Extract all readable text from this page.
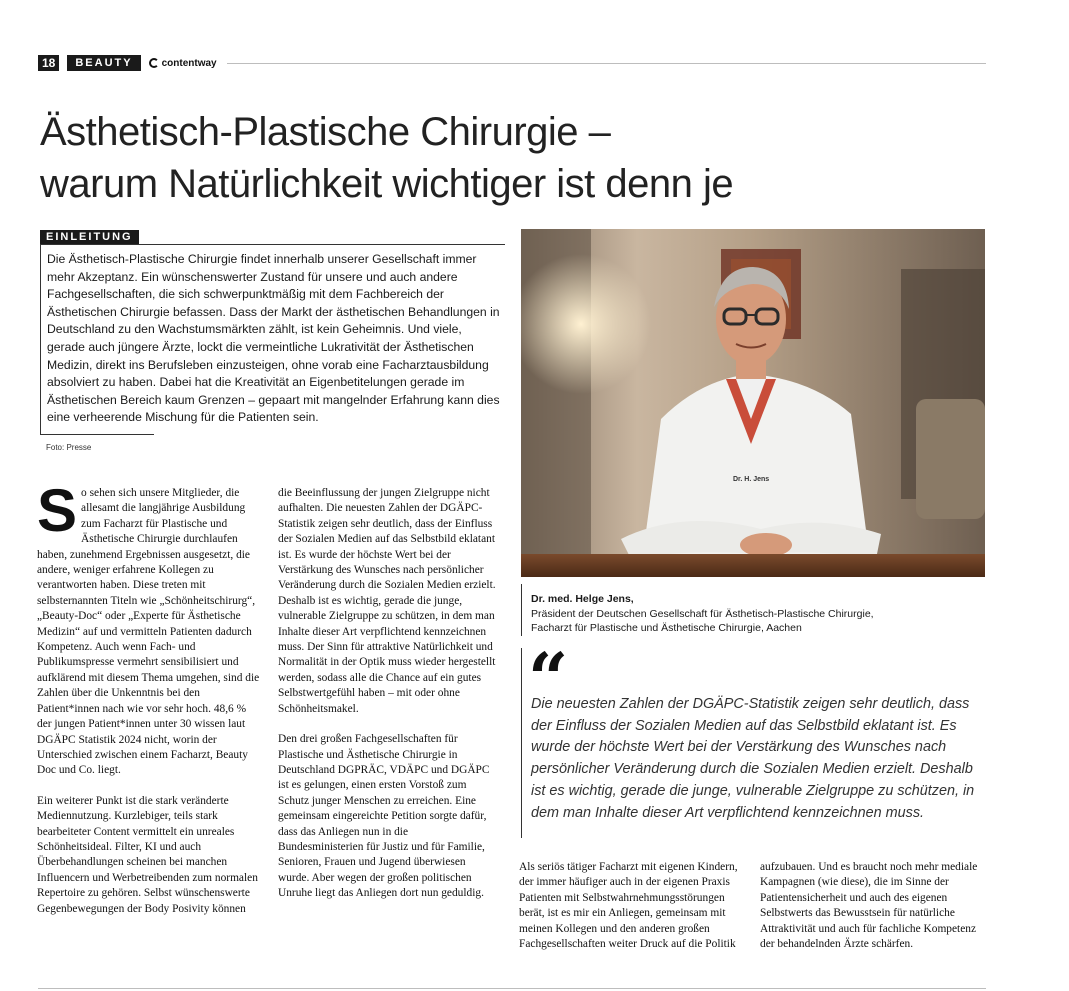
18	BEAUTY	contentway
Ästhetisch-Plastische Chirurgie –
warum Natürlichkeit wichtiger ist denn je
EINLEITUNG
Die Ästhetisch-Plastische Chirurgie findet innerhalb unserer Gesellschaft immer mehr Akzeptanz. Ein wünschenswerter Zustand für unsere und auch andere Fachgesellschaften, die sich schwerpunktmäßig mit dem Fachbereich der Ästhetischen Chirurgie befassen. Dass der Markt der ästhetischen Behandlungen in Deutschland zu den Wachstumsmärkten zählt, ist kein Geheimnis. Und viele, gerade auch jüngere Ärzte, lockt die vermeintliche Lukrativität der Ästhetischen Medizin, direkt ins Berufsleben einzusteigen, ohne vorab eine Facharztausbildung absolviert zu haben. Dabei hat die Kreativität an Eigenbetitelungen gerade im Ästhetischen Bereich kaum Grenzen – gepaart mit mangelnder Erfahrung kann dies eine verheerende Mischung für die Patienten sein.
Foto: Presse
Dr. H. Jens
Dr. med. Helge Jens,
Präsident der Deutschen Gesellschaft für Ästhetisch-Plastische Chirurgie,
Facharzt für Plastische und Ästhetische Chirurgie, Aachen
“
Die neuesten Zahlen der DGÄPC-Statistik zeigen sehr deutlich, dass der Einfluss der Sozialen Medien auf das Selbstbild eklatant ist. Es wurde der höchste Wert bei der Verstärkung des Wunsches nach persönlicher Veränderung durch die Sozialen Medien erzielt. Deshalb ist es wichtig, gerade die junge, vulnerable Zielgruppe zu schützen, in dem man Inhalte dieser Art verpflichtend kennzeichnen muss.

So sehen sich unsere Mitglieder, die allesamt die langjährige Ausbildung zum Facharzt für Plastische und Ästhetische Chirurgie durchlaufen haben, zunehmend Ergebnissen ausgesetzt, die andere, weniger erfahrene Kollegen zu verantworten haben. Diese treten mit selbsternannten Titeln wie „Schönheitschirurg“, „Beauty-Doc“ oder „Experte für Ästhetische Medizin“ auf und vermitteln Patienten dadurch Kompetenz. Auch wenn Fach- und Publikumspresse vermehrt sensibilisiert und aufklärend mit diesem Thema umgehen, sind die Zahlen über die Unkenntnis bei den Patient*innen nach wie vor sehr hoch. 48,6 % der jungen Patient*innen unter 30 wissen laut DGÄPC Statistik 2024 nicht, worin der Unterschied zwischen einem Facharzt, Beauty Doc und Co. liegt.

Ein weiterer Punkt ist die stark veränderte Mediennutzung. Kurzlebiger, teils stark bearbeiteter Content vermittelt ein unreales Schönheitsideal. Filter, KI und auch Überbehandlungen scheinen bei manchen Influencern und Werbetreibenden zum normalen Repertoire zu gehören. Selbst wünschenswerte Gegenbewegungen der Body Posivity können

die Beeinflussung der jungen Zielgruppe nicht aufhalten. Die neuesten Zahlen der DGÄPC-Statistik zeigen sehr deutlich, dass der Einfluss der Sozialen Medien auf das Selbstbild eklatant ist. Es wurde der höchste Wert bei der Verstärkung des Wunsches nach persönlicher Veränderung durch die Sozialen Medien erzielt. Deshalb ist es wichtig, gerade die junge, vulnerable Zielgruppe zu schützen, in dem man Inhalte dieser Art verpflichtend kennzeichnen muss. Der Sinn für attraktive Natürlichkeit und Normalität in der Optik muss wieder hergestellt werden, sodass alle die Chance auf ein gutes Selbstwertgefühl haben – mit oder ohne Schönheitsmakel.

Den drei großen Fachgesellschaften für Plastische und Ästhetische Chirurgie in Deutschland DGPRÄC, VDÄPC und DGÄPC ist es gelungen, einen ersten Vorstoß zum Schutz junger Menschen zu erreichen. Eine gemeinsam eingereichte Petition sorgte dafür, dass das Anliegen nun in die Bundesministerien für Justiz und für Familie, Senioren, Frauen und Jugend überwiesen wurde. Aber wegen der großen politischen Unruhe liegt das Anliegen dort nun geduldig.

Als seriös tätiger Facharzt mit eigenen Kindern, der immer häufiger auch in der eigenen Praxis Patienten mit Selbstwahrnehmungsstörungen berät, ist es mir ein Anliegen, gemeinsam mit meinen Kollegen und den anderen großen Fachgesellschaften weiter Druck auf die Politik

aufzubauen. Und es braucht noch mehr mediale Kampagnen (wie diese), die im Sinne der Patientensicherheit und auch des eigenen Selbstwerts das Bewusstsein für natürliche Attraktivität und auch für fachliche Kompetenz der behandelnden Ärzte schärfen.
